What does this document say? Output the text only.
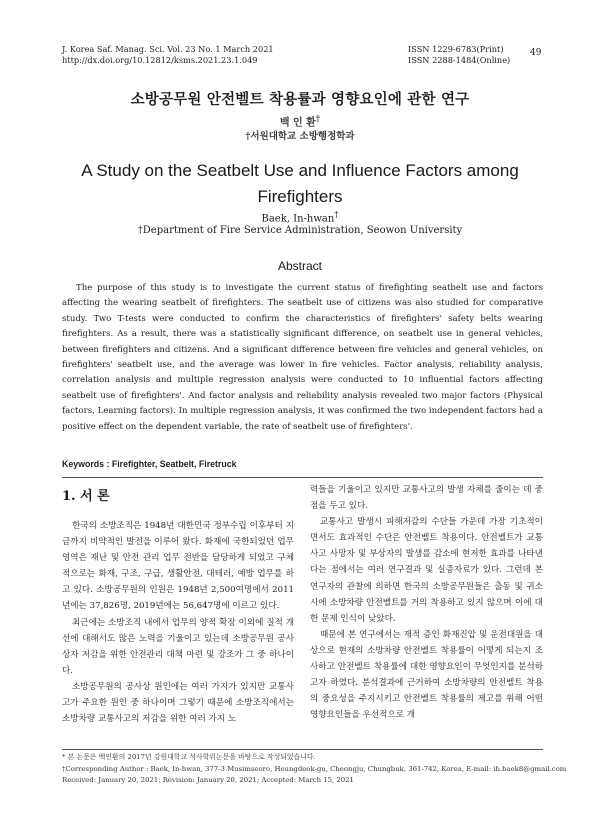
J. Korea Saf. Manag. Sci. Vol. 23 No. 1 March 2021
http://dx.doi.org/10.12812/ksms.2021.23.1.049
ISSN 1229-6783(Print)
ISSN 2288-1484(Online)
49
소방공무원 안전벨트 착용률과 영향요인에 관한 연구
백 인 환†
†서원대학교 소방행정학과
A Study on the Seatbelt Use and Influence Factors among
Firefighters
Baek, In-hwan†
†Department of Fire Service Administration, Seowon University
Abstract

The purpose of this study is to investigate the current status of firefighting seatbelt use and factors affecting the wearing seatbelt of firefighters. The seatbelt use of citizens was also studied for comparative study. Two T-tests were conducted to confirm the characteristics of firefighters' safety belts wearing firefighters. As a result, there was a statistically significant difference, on seatbelt use in general vehicles, between firefighters and citizens. And a significant difference between fire vehicles and general vehicles, on firefighters' seatbelt use, and the average was lower in fire vehicles. Factor analysis, reliability analysis, correlation analysis and multiple regression analysis were conducted to 10 influential factors affecting seatbelt use of firefighters'. And factor analysis and reliability analysis revealed two major factors (Physical factors, Learning factors). In multiple regression analysis, it was confirmed the two independent factors had a positive effect on the dependent variable, the rate of seatbelt use of firefighters'.

Keywords : Firefighter, Seatbelt, Firetruck
1. 서 론

한국의 소방조직은 1948년 대한민국 정부수립 이후부터 지금까지 비약적인 발전을 이루어 왔다. 화재에 국한되었던 업무영역은 재난 및 안전 관리 업무 전반을 담당하게 되었고 구체적으로는 화재, 구조, 구급, 생활안전, 대테러, 예방 업무를 하고 있다. 소방공무원의 인원은 1948년 2,500여명에서 2011년에는 37,826명, 2019년에는 56,647명에 이르고 있다.

최근에는 소방조직 내에서 업무의 양적 확장 이외에 질적 개선에 대해서도 많은 노력을 기울이고 있는데 소방공무원 공사상자 저감을 위한 안전관리 대책 마련 및 강조가 그 중 하나이다.

소방공무원의 공사상 원인에는 여러 가지가 있지만 교통사고가 주요한 원인 중 하나이며 그렇기 때문에 소방조직에서는 소방차량 교통사고의 저감을 위한 여러 가지 노

력들을 기울이고 있지만 교통사고의 발생 자체를 줄이는 데 중점을 두고 있다.

교통사고 발생시 피해저감의 수단들 가운데 가장 기초적이면서도 효과적인 수단은 안전벨트 착용이다. 안전벨트가 교통사고 사망자 및 부상자의 발생를 감소에 현저한 효과를 나타낸다는 점에서는 여러 연구결과 및 실증자료가 있다. 그런데 본 연구자의 관찰에 의하면 한국의 소방공무원들은 출동 및 귀소 시에 소방차량 안전벨트를 거의 착용하고 있지 않으며 이에 대한 문제 인식이 낮았다.

때문에 본 연구에서는 재적 증인 화재진압 및 운전대원을 대상으로 현재의 소방차량 안전벨트 착용률이 어떻게 되는지 조사하고 안전벨트 착용률에 대한 영향요인이 무엇인지를 분석하고자 하였다. 분석결과에 근거하여 소방차량의 안전벨트 착용의 중요성을 주지시키고 안전벨트 착용률의 제고를 위해 어떤 영향요인들을 우선적으로 개

* 본 논문은 백인환의 2017년 강원대학교 석사학위논문을 바탕으로 작성되었습니다.
†Corresponding Author : Baek, In-hwan, 377-3 Musimseoro, Heungdeok-gu, Cheongju, Chungbuk, 361-742, Korea, E-mail: ih.baek8@gmail.com
Received: January 20, 2021; Revision: January 20, 2021; Accepted: March 15, 2021
